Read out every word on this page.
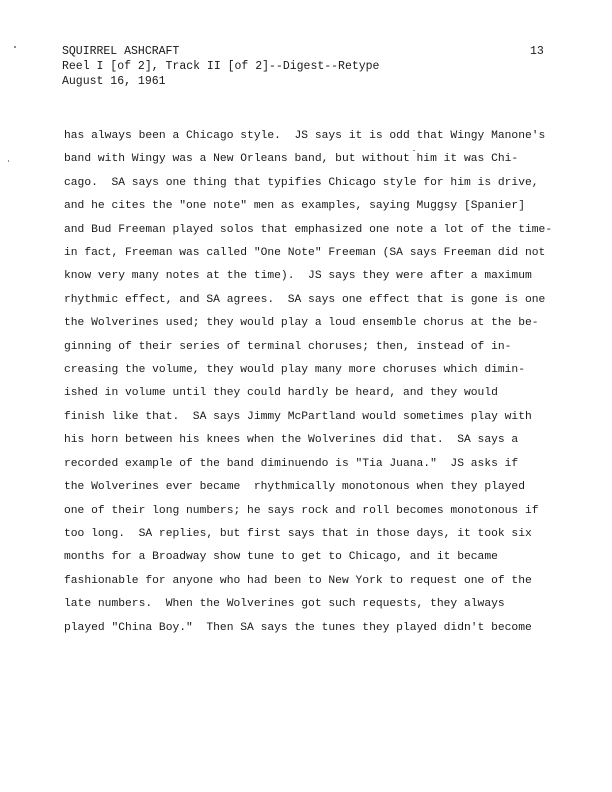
SQUIRREL ASHCRAFT
Reel I [of 2], Track II [of 2]--Digest--Retype
August 16, 1961
13
has always been a Chicago style.  JS says it is odd that Wingy Manone's
band with Wingy was a New Orleans band, but without him it was Chi-
cago.  SA says one thing that typifies Chicago style for him is drive,
and he cites the "one note" men as examples, saying Muggsy [Spanier]
and Bud Freeman played solos that emphasized one note a lot of the time-
in fact, Freeman was called "One Note" Freeman (SA says Freeman did not
know very many notes at the time).  JS says they were after a maximum
rhythmic effect, and SA agrees.  SA says one effect that is gone is one
the Wolverines used; they would play a loud ensemble chorus at the be-
ginning of their series of terminal choruses; then, instead of in-
creasing the volume, they would play many more choruses which dimin-
ished in volume until they could hardly be heard, and they would
finish like that.  SA says Jimmy McPartland would sometimes play with
his horn between his knees when the Wolverines did that.  SA says a
recorded example of the band diminuendo is "Tia Juana."  JS asks if
the Wolverines ever became  rhythmically monotonous when they played
one of their long numbers; he says rock and roll becomes monotonous if
too long.  SA replies, but first says that in those days, it took six
months for a Broadway show tune to get to Chicago, and it became
fashionable for anyone who had been to New York to request one of the
late numbers.  When the Wolverines got such requests, they always
played "China Boy."  Then SA says the tunes they played didn't become
